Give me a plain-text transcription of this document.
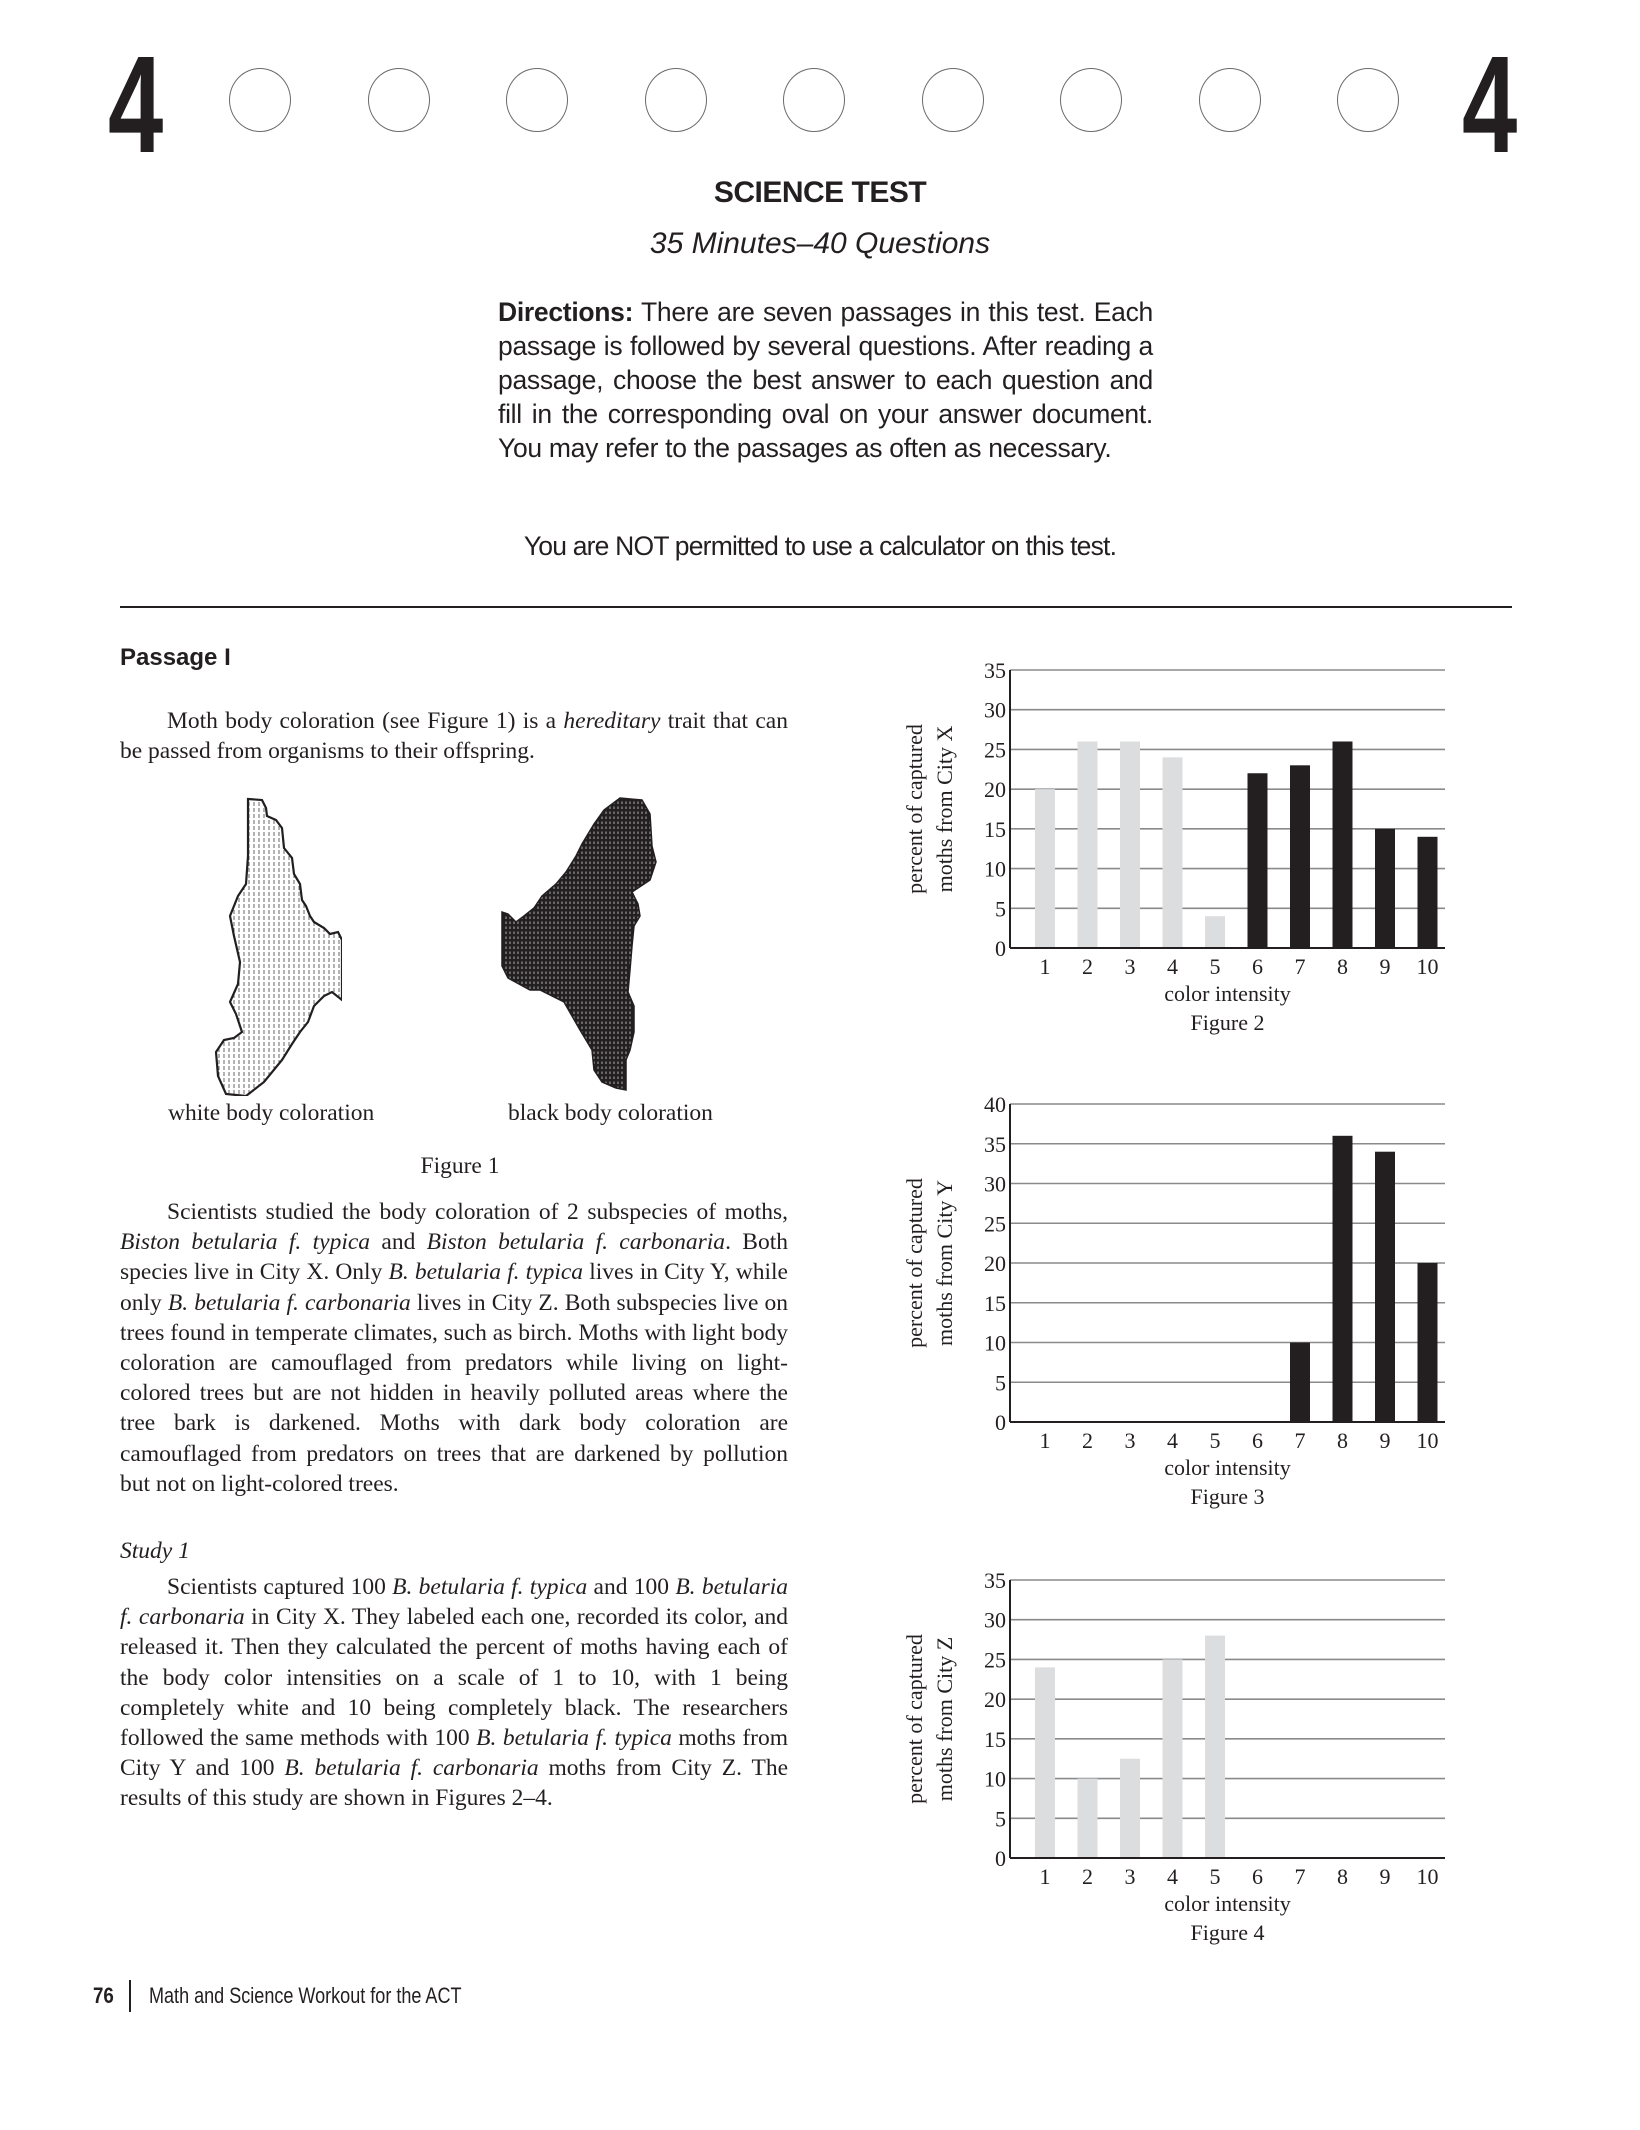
4	4
SCIENCE TEST
35 Minutes–40 Questions
Directions: There are seven passages in this test. Each passage is followed by several questions. After reading a passage, choose the best answer to each question and fill in the corresponding oval on your answer document. You may refer to the passages as often as necessary.
You are NOT permitted to use a calculator on this test.
Passage I
Moth body coloration (see Figure 1) is a hereditary trait that can be passed from organisms to their offspring.
white body coloration	black body coloration
Figure 1
Scientists studied the body coloration of 2 subspecies of moths, Biston betularia f. typica and Biston betularia f. carbonaria. Both species live in City X. Only B. betularia f. typica lives in City Y, while only B. betularia f. carbonaria lives in City Z. Both subspecies live on trees found in temperate climates, such as birch. Moths with light body coloration are camouflaged from predators while living on light-colored trees but are not hidden in heavily polluted areas where the tree bark is darkened. Moths with dark body coloration are camouflaged from predators on trees that are darkened by pollution but not on light-colored trees.
Study 1
Scientists captured 100 B. betularia f. typica and 100 B. betularia f. carbonaria in City X. They labeled each one, recorded its color, and released it. Then they calculated the percent of moths having each of the body color intensities on a scale of 1 to 10, with 1 being completely white and 10 being completely black. The researchers followed the same methods with 100 B. betularia f. typica moths from City Y and 100 B. betularia f. carbonaria moths from City Z. The results of this study are shown in Figures 2–4.
0
5
10
15
20
25
30
35
1 2 3 4 5 6 7 8 9 10
color intensity
Figure 2
percent of captured moths from City X
0
5
10
15
20
25
30
35
40
1 2 3 4 5 6 7 8 9 10
color intensity
Figure 3
percent of captured moths from City Y
0
5
10
15
20
25
30
35
1 2 3 4 5 6 7 8 9 10
color intensity
Figure 4
percent of captured moths from City Z
76 Math and Science Workout for the ACT
